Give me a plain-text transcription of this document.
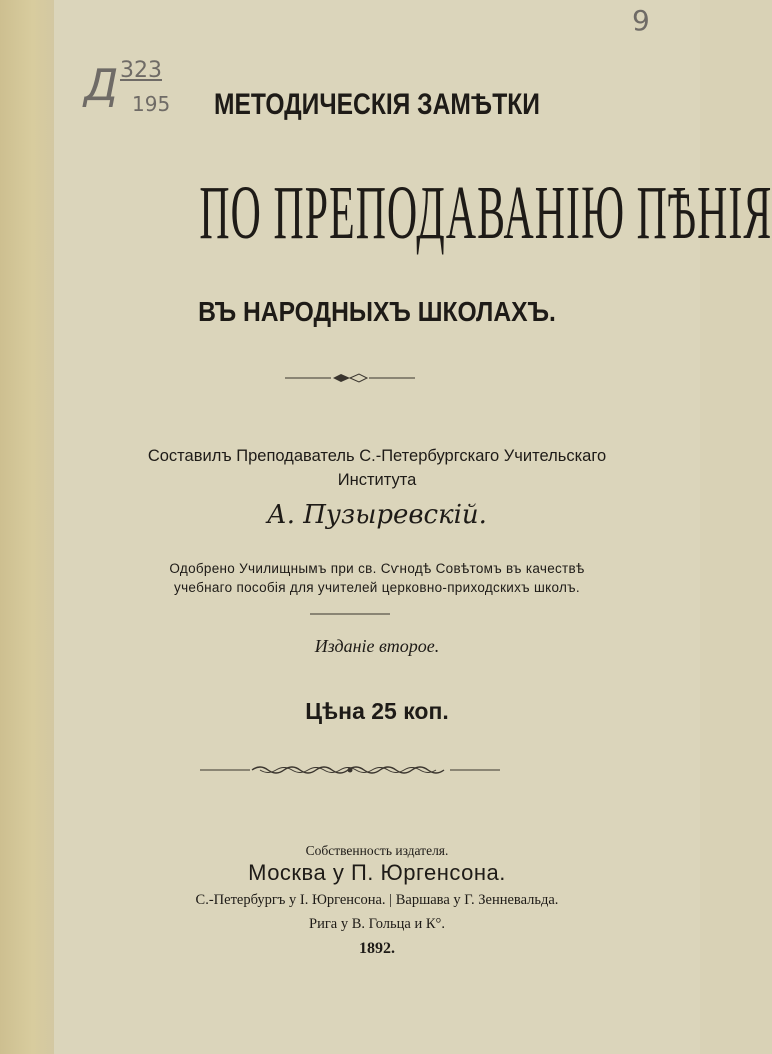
Д 323
195
9
МЕТОДИЧЕСКІЯ ЗАМѢТКИ
ПО ПРЕПОДАВАНІЮ ПѢНІЯ
ВЪ НАРОДНЫХЪ ШКОЛАХЪ.
Составилъ Преподаватель С.-Петербургскаго Учительскаго
Института
А. Пузыревскій.
Одобрено Училищнымъ при св. Сѵнодѣ Совѣтомъ въ качествѣ
учебнаго пособія для учителей церковно-приходскихъ школъ.
Изданіе второе.
Цѣна 25 коп.
Собственность издателя.
Москва у П. Юргенсона.
С.-Петербургъ у І. Юргенсона. | Варшава у Г. Зенневальда.
Рига у В. Гольца и К°.
1892.
